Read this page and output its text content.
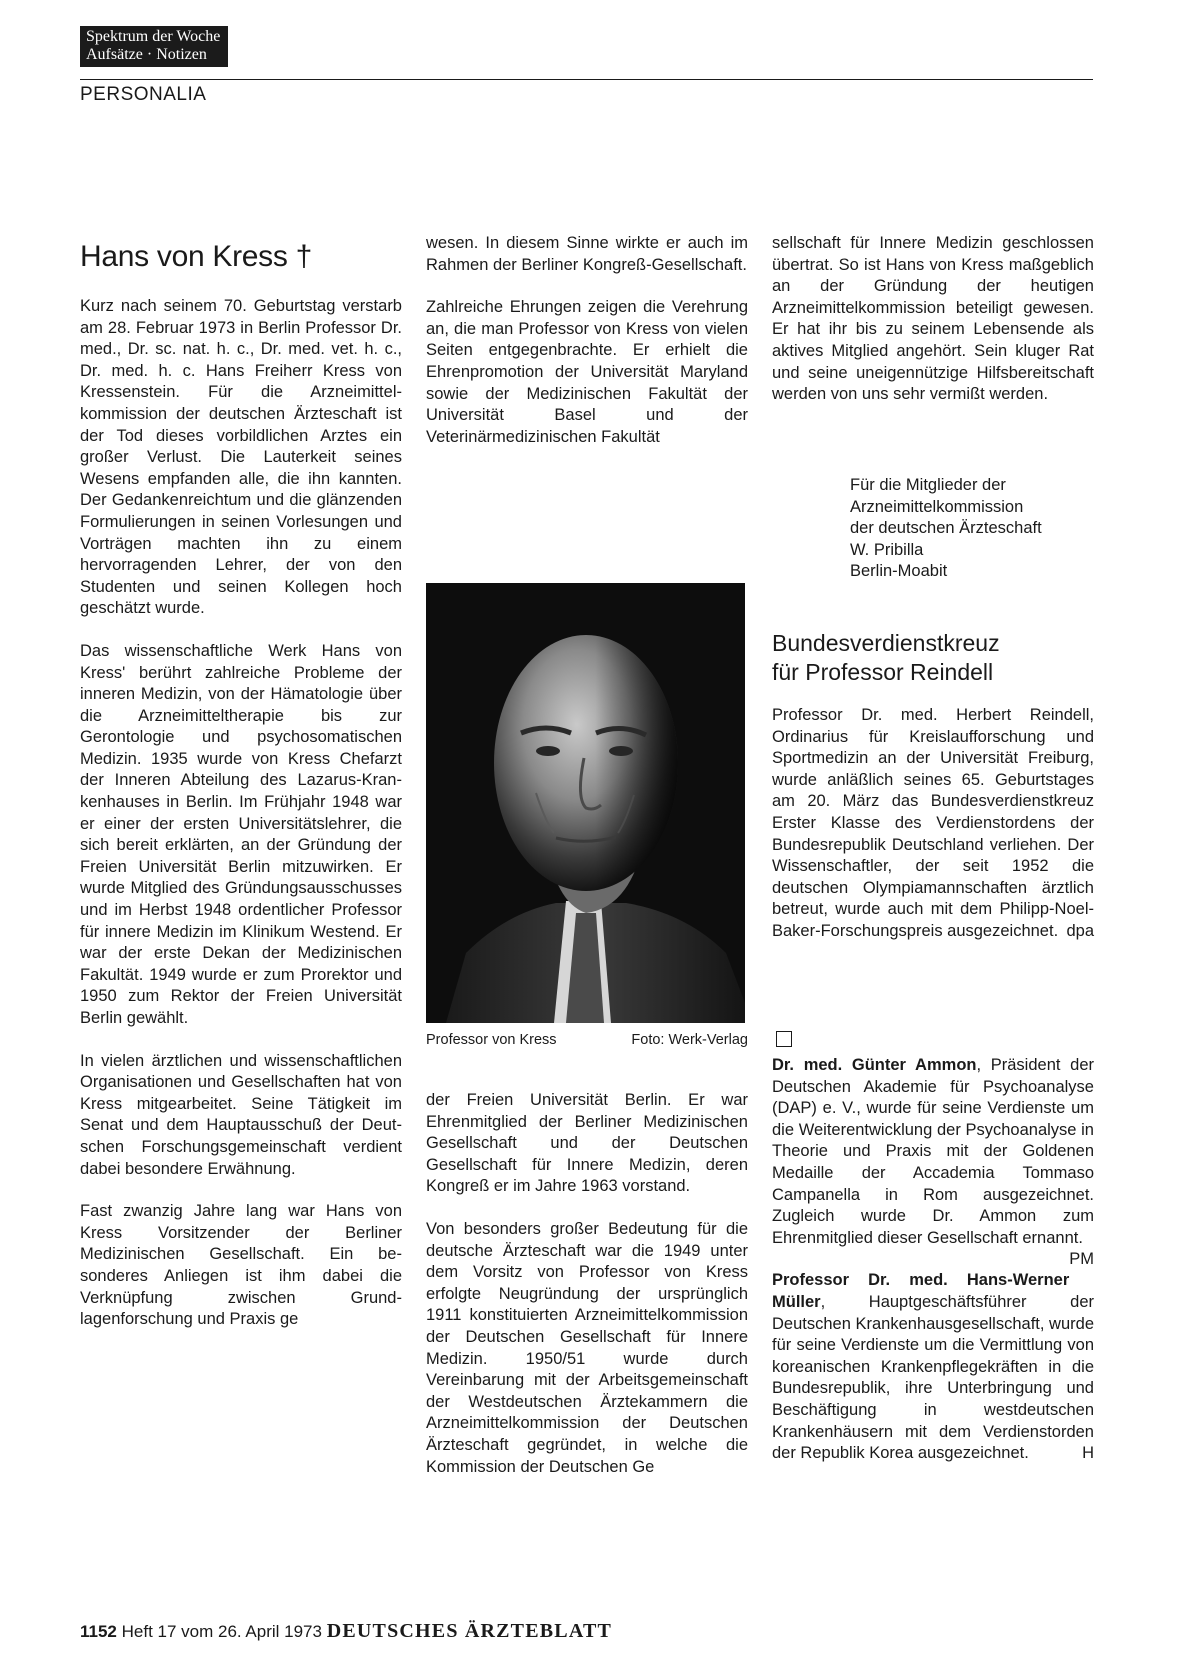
Spektrum der Woche
Aufsätze · Notizen
PERSONALIA
Hans von Kress †

Kurz nach seinem 70. Geburtstag verstarb am 28. Februar 1973 in Berlin Professor Dr. med., Dr. sc. nat. h. c., Dr. med. vet. h. c., Dr. med. h. c. Hans Freiherr Kress von Kressenstein. Für die Arzneimittelkommission der deutschen Ärzteschaft ist der Tod dieses vorbildlichen Arztes ein großer Verlust. Die Lauterkeit seines Wesens empfanden alle, die ihn kannten. Der Gedankenreichtum und die glänzenden Formulierungen in seinen Vorlesungen und Vorträgen machten ihn zu einem hervorragenden Lehrer, der von den Studenten und seinen Kollegen hoch geschätzt wurde.

Das wissenschaftliche Werk Hans von Kress' berührt zahlreiche Probleme der inneren Medizin, von der Hämatologie über die Arzneimitteltherapie bis zur Gerontologie und psychosomatischen Medizin. 1935 wurde von Kress Chefarzt der Inneren Abteilung des Lazarus-Krankenhauses in Berlin. Im Frühjahr 1948 war er einer der ersten Universitätslehrer, die sich bereit erklärten, an der Gründung der Freien Universität Berlin mitzuwirken. Er wurde Mitglied des Gründungsausschusses und im Herbst 1948 ordentlicher Professor für innere Medizin im Klinikum Westend. Er war der erste Dekan der Medizinischen Fakultät. 1949 wurde er zum Prorektor und 1950 zum Rektor der Freien Universität Berlin gewählt.

In vielen ärztlichen und wissenschaftlichen Organisationen und Gesellschaften hat von Kress mitgearbeitet. Seine Tätigkeit im Senat und dem Hauptausschuß der Deutschen Forschungsgemeinschaft verdient dabei besondere Erwähnung.

Fast zwanzig Jahre lang war Hans von Kress Vorsitzender der Berliner Medizinischen Gesellschaft. Ein besonderes Anliegen ist ihm dabei die Verknüpfung zwischen Grundlagenforschung und Praxis ge

wesen. In diesem Sinne wirkte er auch im Rahmen der Berliner Kongreß-Gesellschaft.

Zahlreiche Ehrungen zeigen die Verehrung an, die man Professor von Kress von vielen Seiten entgegenbrachte. Er erhielt die Ehrenpromotion der Universität Maryland sowie der Medizinischen Fakultät der Universität Basel und der Veterinärmedizinischen Fakultät

Professor von Kress	Foto: Werk-Verlag

der Freien Universität Berlin. Er war Ehrenmitglied der Berliner Medizinischen Gesellschaft und der Deutschen Gesellschaft für Innere Medizin, deren Kongreß er im Jahre 1963 vorstand.

Von besonders großer Bedeutung für die deutsche Ärzteschaft war die 1949 unter dem Vorsitz von Professor von Kress erfolgte Neugründung der ursprünglich 1911 konstituierten Arzneimittelkommission der Deutschen Gesellschaft für Innere Medizin. 1950/51 wurde durch Vereinbarung mit der Arbeitsgemeinschaft der Westdeutschen Ärztekammern die Arzneimittelkommission der Deutschen Ärzteschaft gegründet, in welche die Kommission der Deutschen Ge

sellschaft für Innere Medizin geschlossen übertrat. So ist Hans von Kress maßgeblich an der Gründung der heutigen Arzneimittelkommission beteiligt gewesen. Er hat ihr bis zu seinem Lebensende als aktives Mitglied angehört. Sein kluger Rat und seine uneigennützige Hilfsbereitschaft werden von uns sehr vermißt werden.

Für die Mitglieder der
Arzneimittelkommission
der deutschen Ärzteschaft
W. Pribilla
Berlin-Moabit
Bundesverdienstkreuz
für Professor Reindell

Professor Dr. med. Herbert Reindell, Ordinarius für Kreislaufforschung und Sportmedizin an der Universität Freiburg, wurde anläßlich seines 65. Geburtstages am 20. März das Bundesverdienstkreuz Erster Klasse des Verdienstordens der Bundesrepublik Deutschland verliehen. Der Wissenschaftler, der seit 1952 die deutschen Olympiamannschaften ärztlich betreut, wurde auch mit dem Philipp-Noel-Baker-Forschungspreis ausgezeichnet. dpa

Dr. med. Günter Ammon, Präsident der Deutschen Akademie für Psychoanalyse (DAP) e. V., wurde für seine Verdienste um die Weiterentwicklung der Psychoanalyse in Theorie und Praxis mit der Goldenen Medaille der Accademia Tommaso Campanella in Rom ausgezeichnet. Zugleich wurde Dr. Ammon zum Ehrenmitglied dieser Gesellschaft ernannt.
PM

Professor Dr. med. Hans-Werner Müller, Hauptgeschäftsführer der Deutschen Krankenhausgesellschaft, wurde für seine Verdienste um die Vermittlung von koreanischen Krankenpflegekräften in die Bundesrepublik, ihre Unterbringung und Beschäftigung in westdeutschen Krankenhäusern mit dem Verdienstorden der Republik Korea ausgezeichnet.	H

1152 Heft 17 vom 26. April 1973 DEUTSCHES ÄRZTEBLATT
